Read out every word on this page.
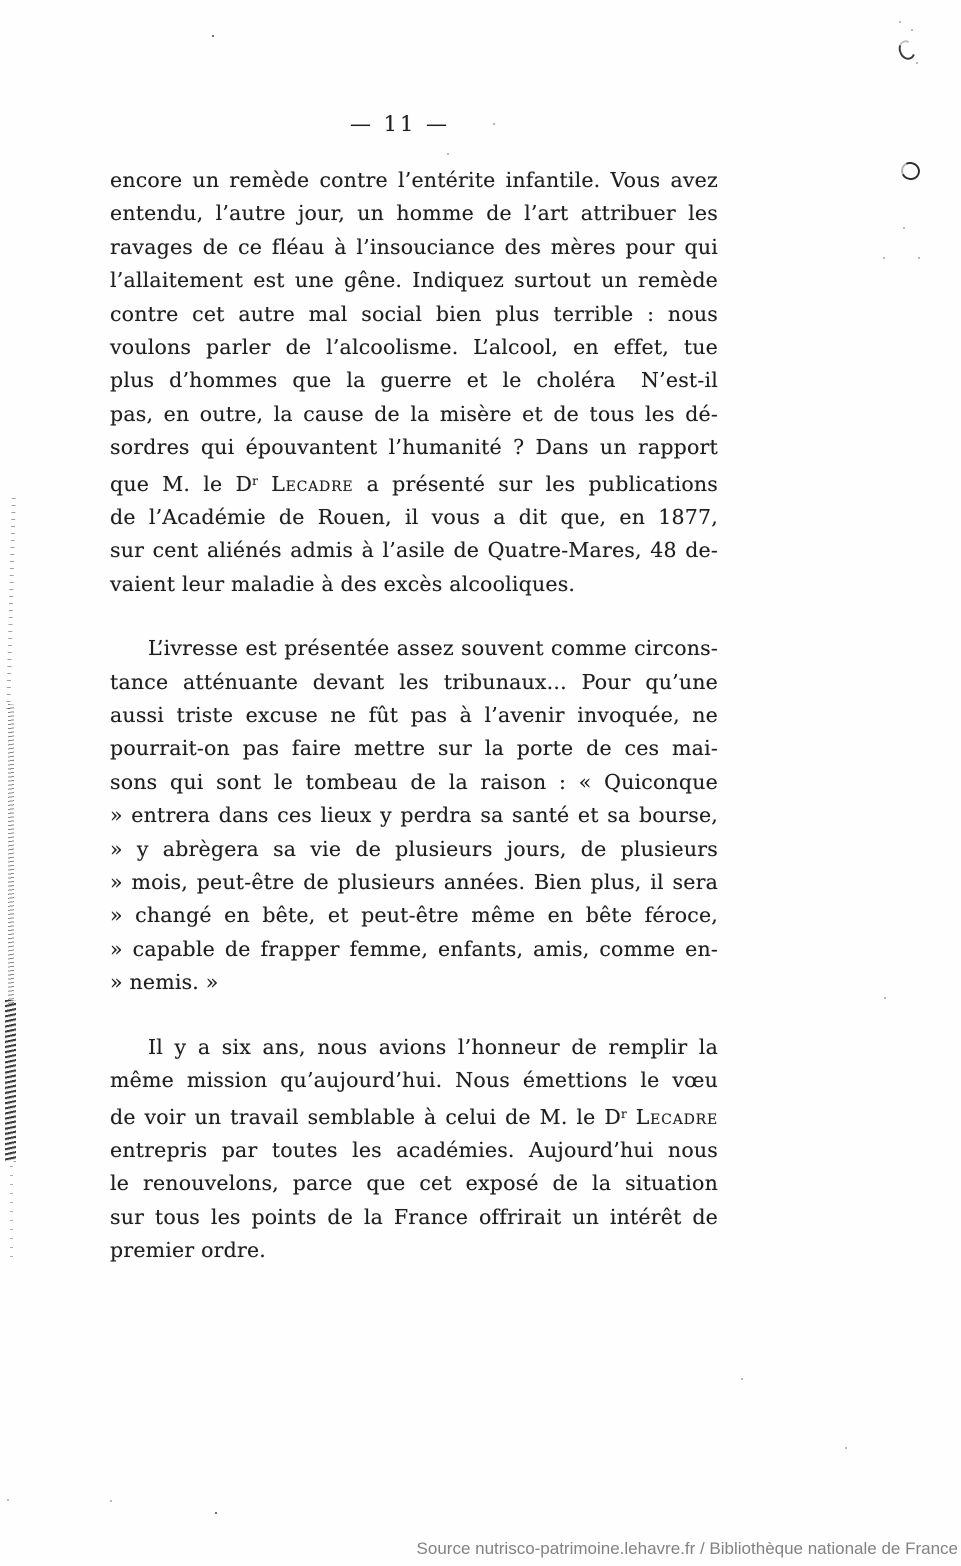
— 11 —
encore un remède contre l’entérite infantile. Vous avez
entendu, l’autre jour, un homme de l’art attribuer les
ravages de ce fléau à l’insouciance des mères pour qui
l’allaitement est une gêne. Indiquez surtout un remède
contre cet autre mal social bien plus terrible : nous
voulons parler de l’alcoolisme. L’alcool, en effet, tue
plus d’hommes que la guerre et le choléra  N’est-il
pas, en outre, la cause de la misère et de tous les dé-
sordres qui épouvantent l’humanité ? Dans un rapport
que M. le $D^r$ Lecadre a présenté sur les publications
de l’Académie de Rouen, il vous a dit que, en 1877,
sur cent aliénés admis à l’asile de Quatre-Mares, 48 de-
vaient leur maladie à des excès alcooliques.
L’ivresse est présentée assez souvent comme circons-
tance atténuante devant les tribunaux... Pour qu’une
aussi triste excuse ne fût pas à l’avenir invoquée, ne
pourrait-on pas faire mettre sur la porte de ces mai-
sons qui sont le tombeau de la raison : « Quiconque
» entrera dans ces lieux y perdra sa santé et sa bourse,
» y abrègera sa vie de plusieurs jours, de plusieurs
» mois, peut-être de plusieurs années. Bien plus, il sera
» changé en bête, et peut-être même en bête féroce,
» capable de frapper femme, enfants, amis, comme en-
» nemis. »
Il y a six ans, nous avions l’honneur de remplir la
même mission qu’aujourd’hui. Nous émettions le vœu
de voir un travail semblable à celui de M. le $D^r$ Lecadre
entrepris par toutes les académies. Aujourd’hui nous
le renouvelons, parce que cet exposé de la situation
sur tous les points de la France offrirait un intérêt de
premier ordre.
Source nutrisco-patrimoine.lehavre.fr / Bibliothèque nationale de France
